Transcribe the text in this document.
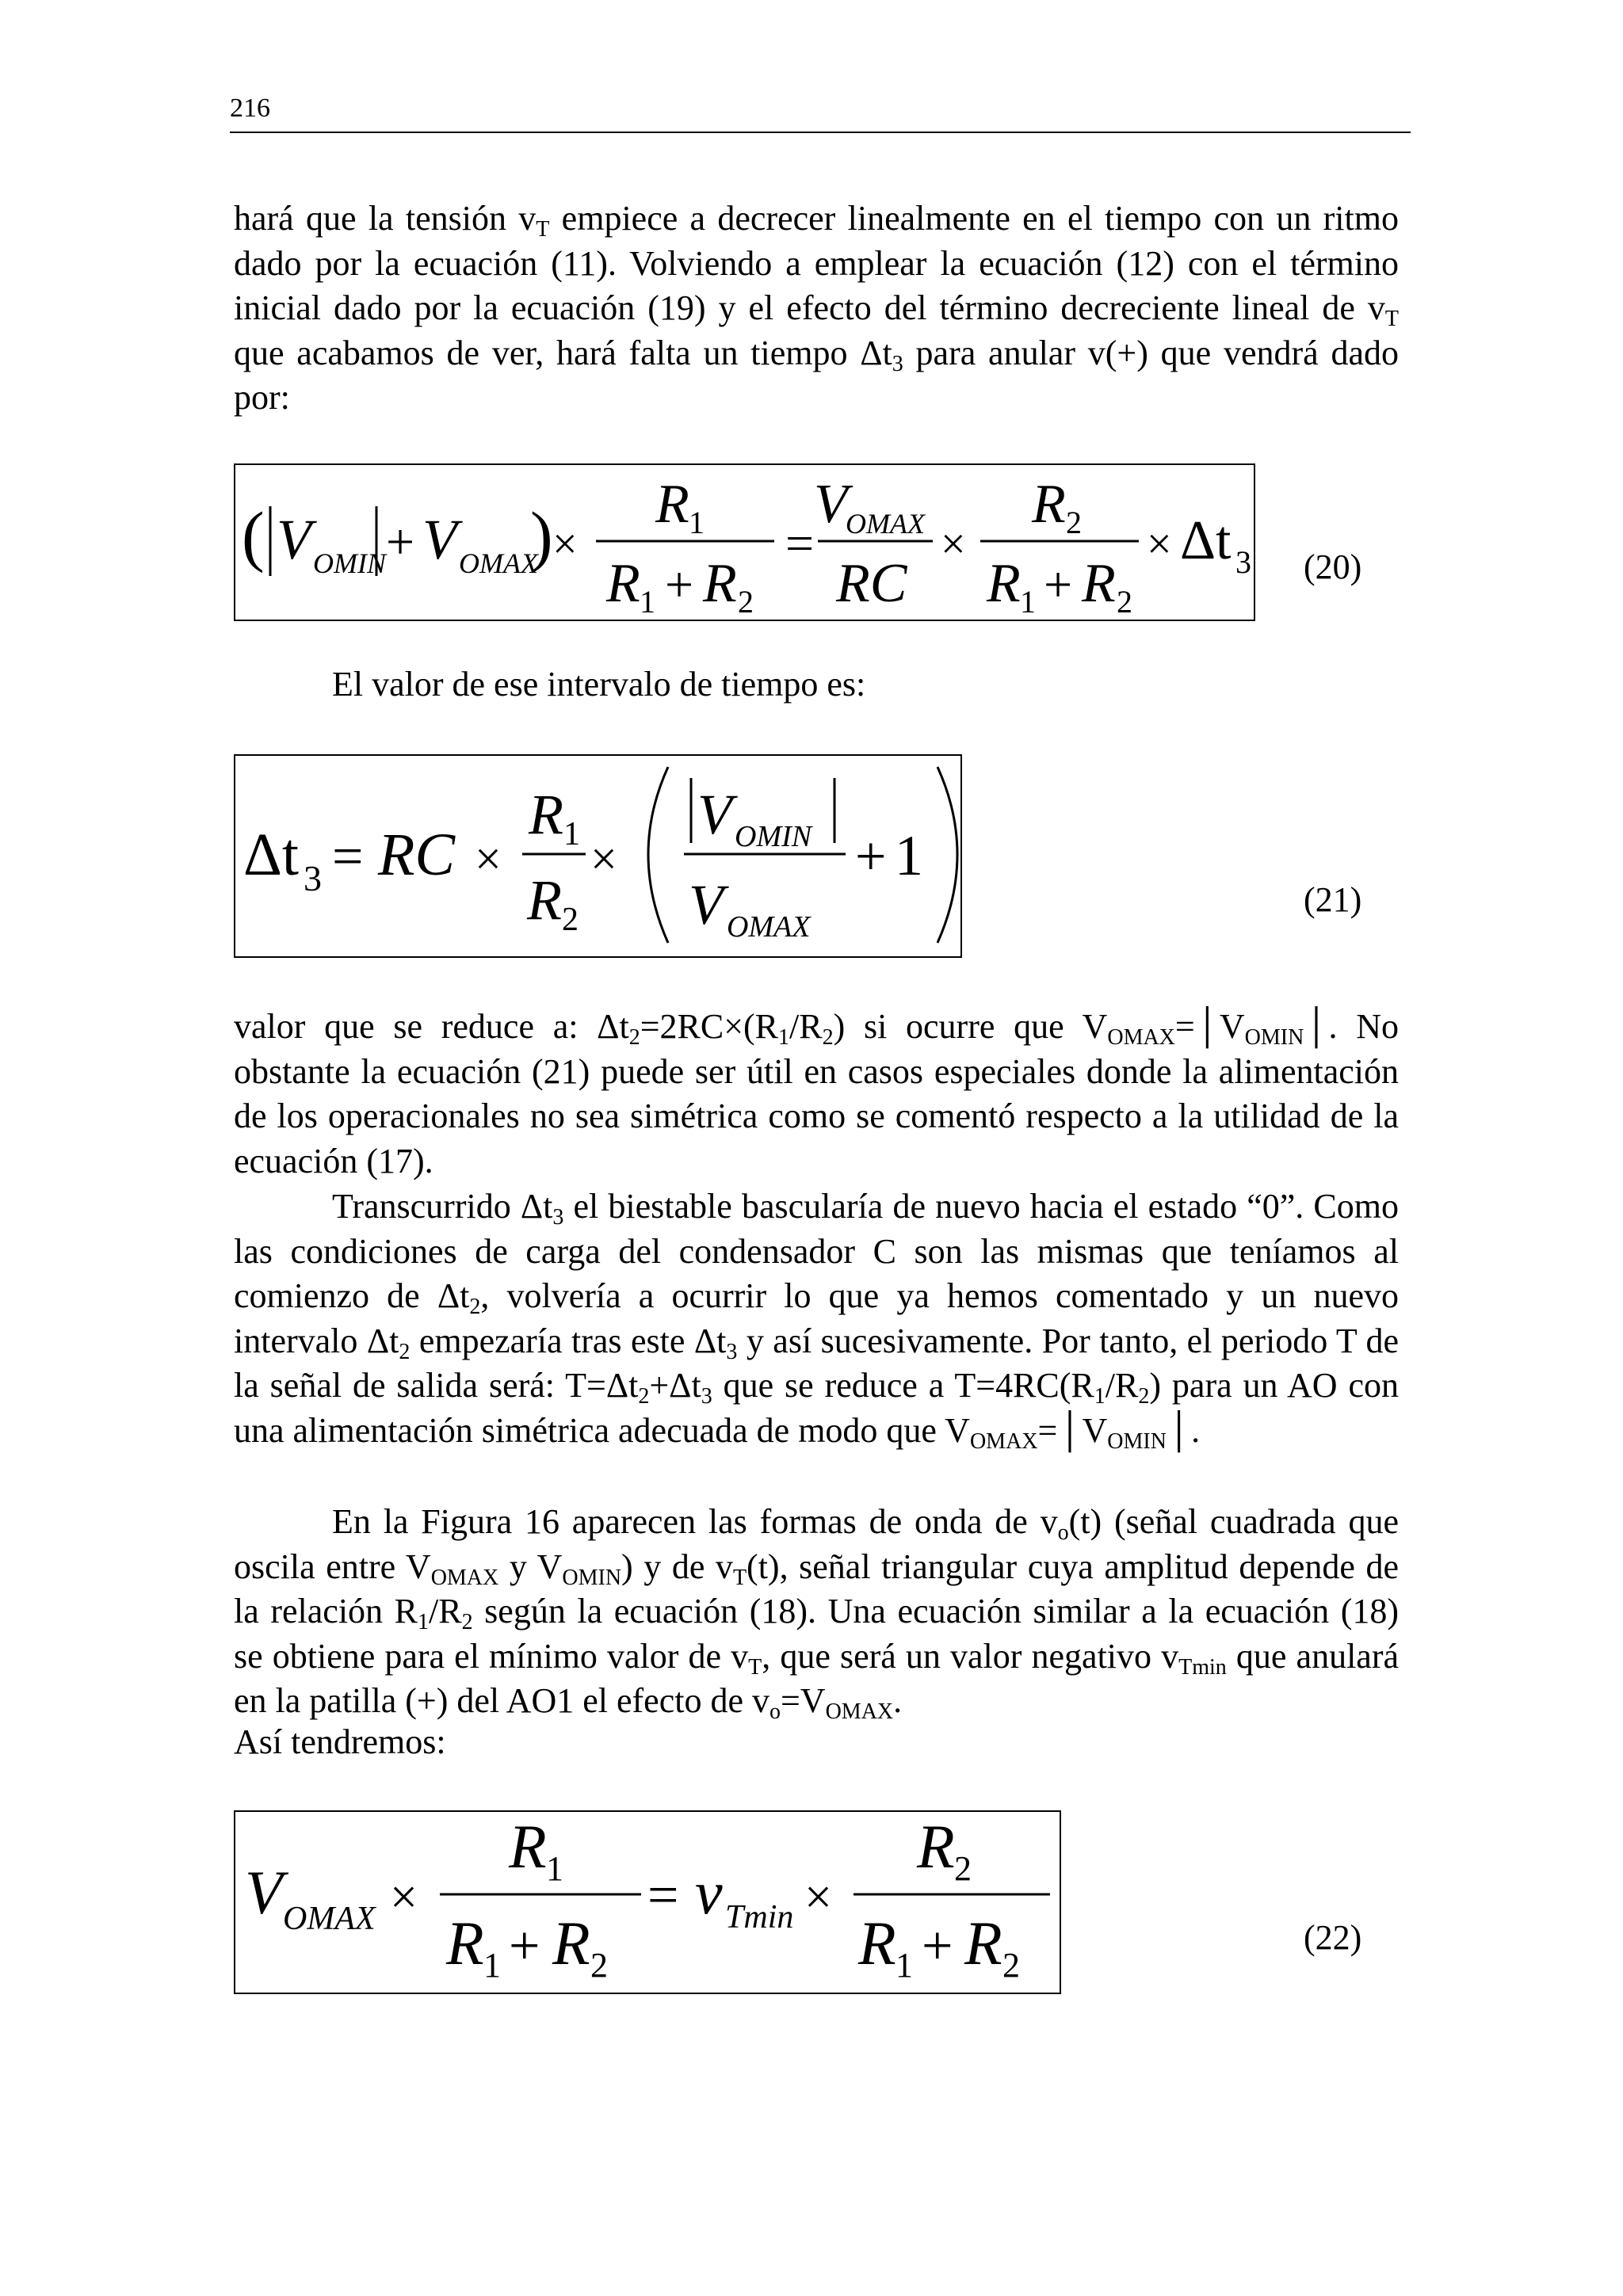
216
hará que la tensión $v_T$ empiece a decrecer linealmente en el tiempo con un ritmo dado por la ecuación (11). Volviendo a emplear la ecuación (12) con el término inicial dado por la ecuación (19) y el efecto del término decreciente lineal de $v_T$ que acabamos de ver, hará falta un tiempo $\Delta t_3$ para anular v(+) que vendrá dado por:
( V OMIN + V OMAX
) ×
R 1
R 1 + R 2
=
V
OMAX
RC
×
R 2
R 1 + R 2
× Δt 3 (20)
El valor de ese intervalo de tiempo es:
Δt 3 = RC ×
R 1
R 2
×
V OMIN
V OMAX
+ 1
(21)
valor que se reduce a: $\Delta t_2=2RC\times(R_1/R_2)$ si ocurre que $V_{OMAX}=│V_{OMIN}│$. No obstante la ecuación (21) puede ser útil en casos especiales donde la alimentación de los operacionales no sea simétrica como se comentó respecto a la utilidad de la ecuación (17).
Transcurrido $\Delta t_3$ el biestable bascularía de nuevo hacia el estado “0”. Como las condiciones de carga del condensador C son las mismas que teníamos al comienzo de $\Delta t_2$, volvería a ocurrir lo que ya hemos comentado y un nuevo intervalo $\Delta t_2$ empezaría tras este $\Delta t_3$ y así sucesivamente. Por tanto, el periodo T de la señal de salida será: $T=\Delta t_2+\Delta t_3$ que se reduce a $T=4RC(R_1/R_2)$ para un AO con una alimentación simétrica adecuada de modo que $V_{OMAX}=│V_{OMIN}│$.
En la Figura 16 aparecen las formas de onda de $v_o(t)$ (señal cuadrada que oscila entre $V_{OMAX}$ y $V_{OMIN}$) y de $v_T(t)$, señal triangular cuya amplitud depende de la relación $R_1/R_2$ según la ecuación (18). Una ecuación similar a la ecuación (18) se obtiene para el mínimo valor de $v_T$, que será un valor negativo $v_{Tmin}$ que anulará en la patilla (+) del AO1 el efecto de $v_o=V_{OMAX}$.
Así tendremos:
V OMAX ×
R 1
R 1 + R 2
= v Tmin ×
R 2
R 1 + R 2
(22)
